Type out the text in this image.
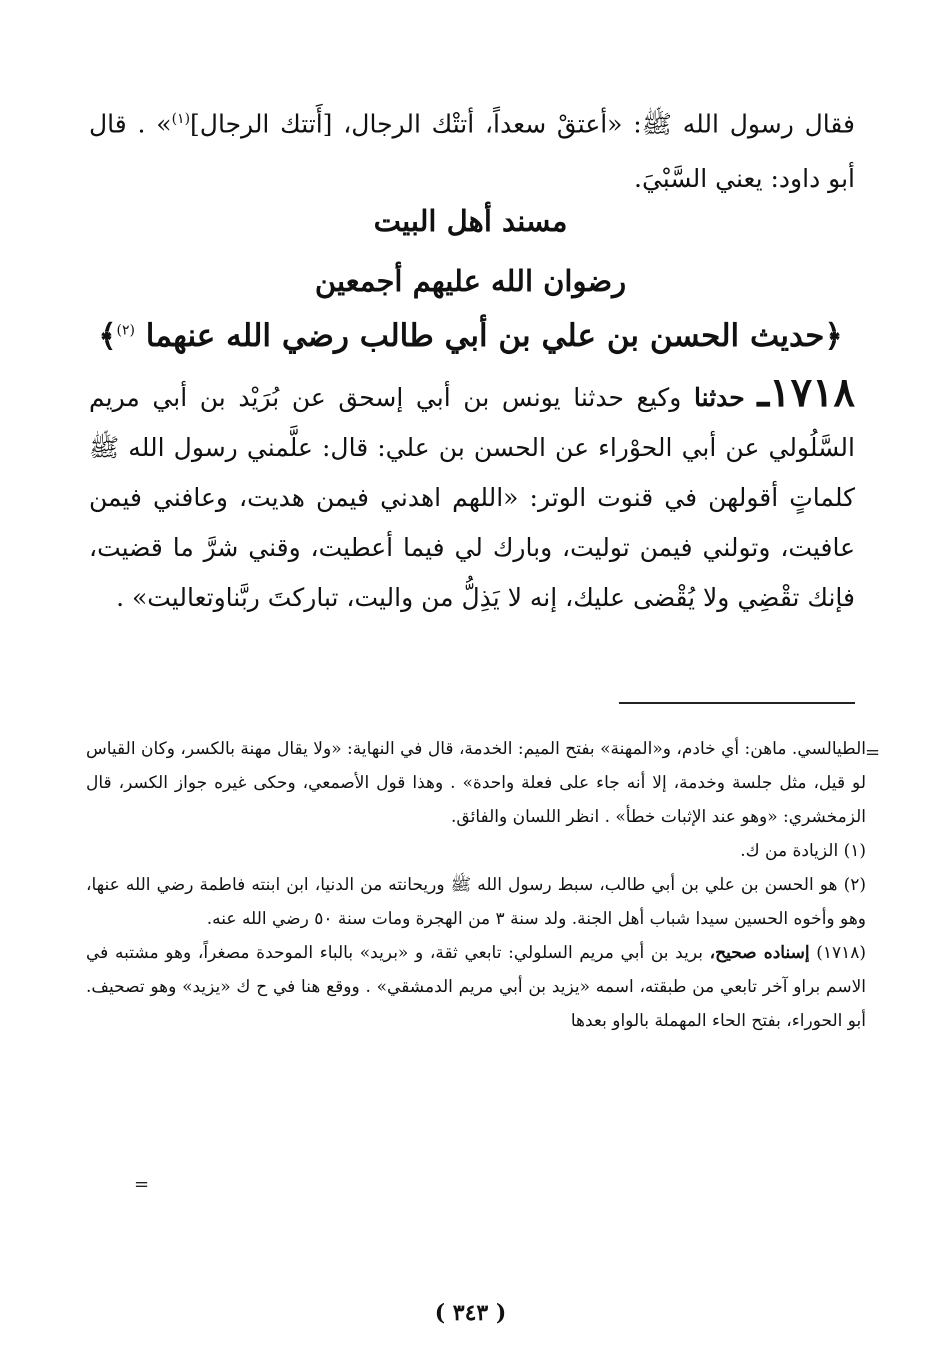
فقال رسول الله ﷺ: «أعتقْ سعداً، أتتْك الرجال، [أَتتك الرجال]$^{(١)}$» . قال أبو داود: يعني السَّبْيَ.
مسند أهل البيت
رضوان الله عليهم أجمعين
﴿حديث الحسن بن علي بن أبي طالب رضي الله عنهما $^{(٢)}$﴾
١٧١٨ـ حدثنا وكيع حدثنا يونس بن أبي إسحق عن بُرَيْد بن أبي مريم السَّلُولي عن أبي الحوْراء عن الحسن بن علي: قال: علَّمني رسول الله ﷺ كلماتٍ أقولهن في قنوت الوتر: «اللهم اهدني فيمن هديت، وعافني فيمن عافيت، وتولني فيمن توليت، وبارك لي فيما أعطيت، وقني شرَّ ما قضيت، فإنك تقْضِي ولا يُقْضى عليك، إنه لا يَذِلُّ من واليت، تباركتَ ربَّناوتعاليت» .
=

الطيالسي. ماهن: أي خادم، و«المهنة» بفتح الميم: الخدمة، قال في النهاية: «ولا يقال مهنة بالكسر، وكان القياس لو قيل، مثل جلسة وخدمة، إلا أنه جاء على فعلة واحدة» . وهذا قول الأصمعي، وحكى غيره جواز الكسر، قال الزمخشري: «وهو عند الإثبات خطأ» . انظر اللسان والفائق.

(١) الزيادة من ك.

(٢) هو الحسن بن علي بن أبي طالب، سبط رسول الله ﷺ وريحانته من الدنيا، ابن ابنته فاطمة رضي الله عنها، وهو وأخوه الحسين سيدا شباب أهل الجنة. ولد سنة ٣ من الهجرة ومات سنة ٥٠ رضي الله عنه.

(١٧١٨) إسناده صحيح، بريد بن أبي مريم السلولي: تابعي ثقة، و «بريد» بالباء الموحدة مصغراً، وهو مشتبه في الاسم براو آخر تابعي من طبقته، اسمه «يزيد بن أبي مريم الدمشقي» . ووقع هنا في ح ك «يزيد» وهو تصحيف. أبو الحوراء، بفتح الحاء المهملة بالواو بعدها

=
( ٣٤٣ )
